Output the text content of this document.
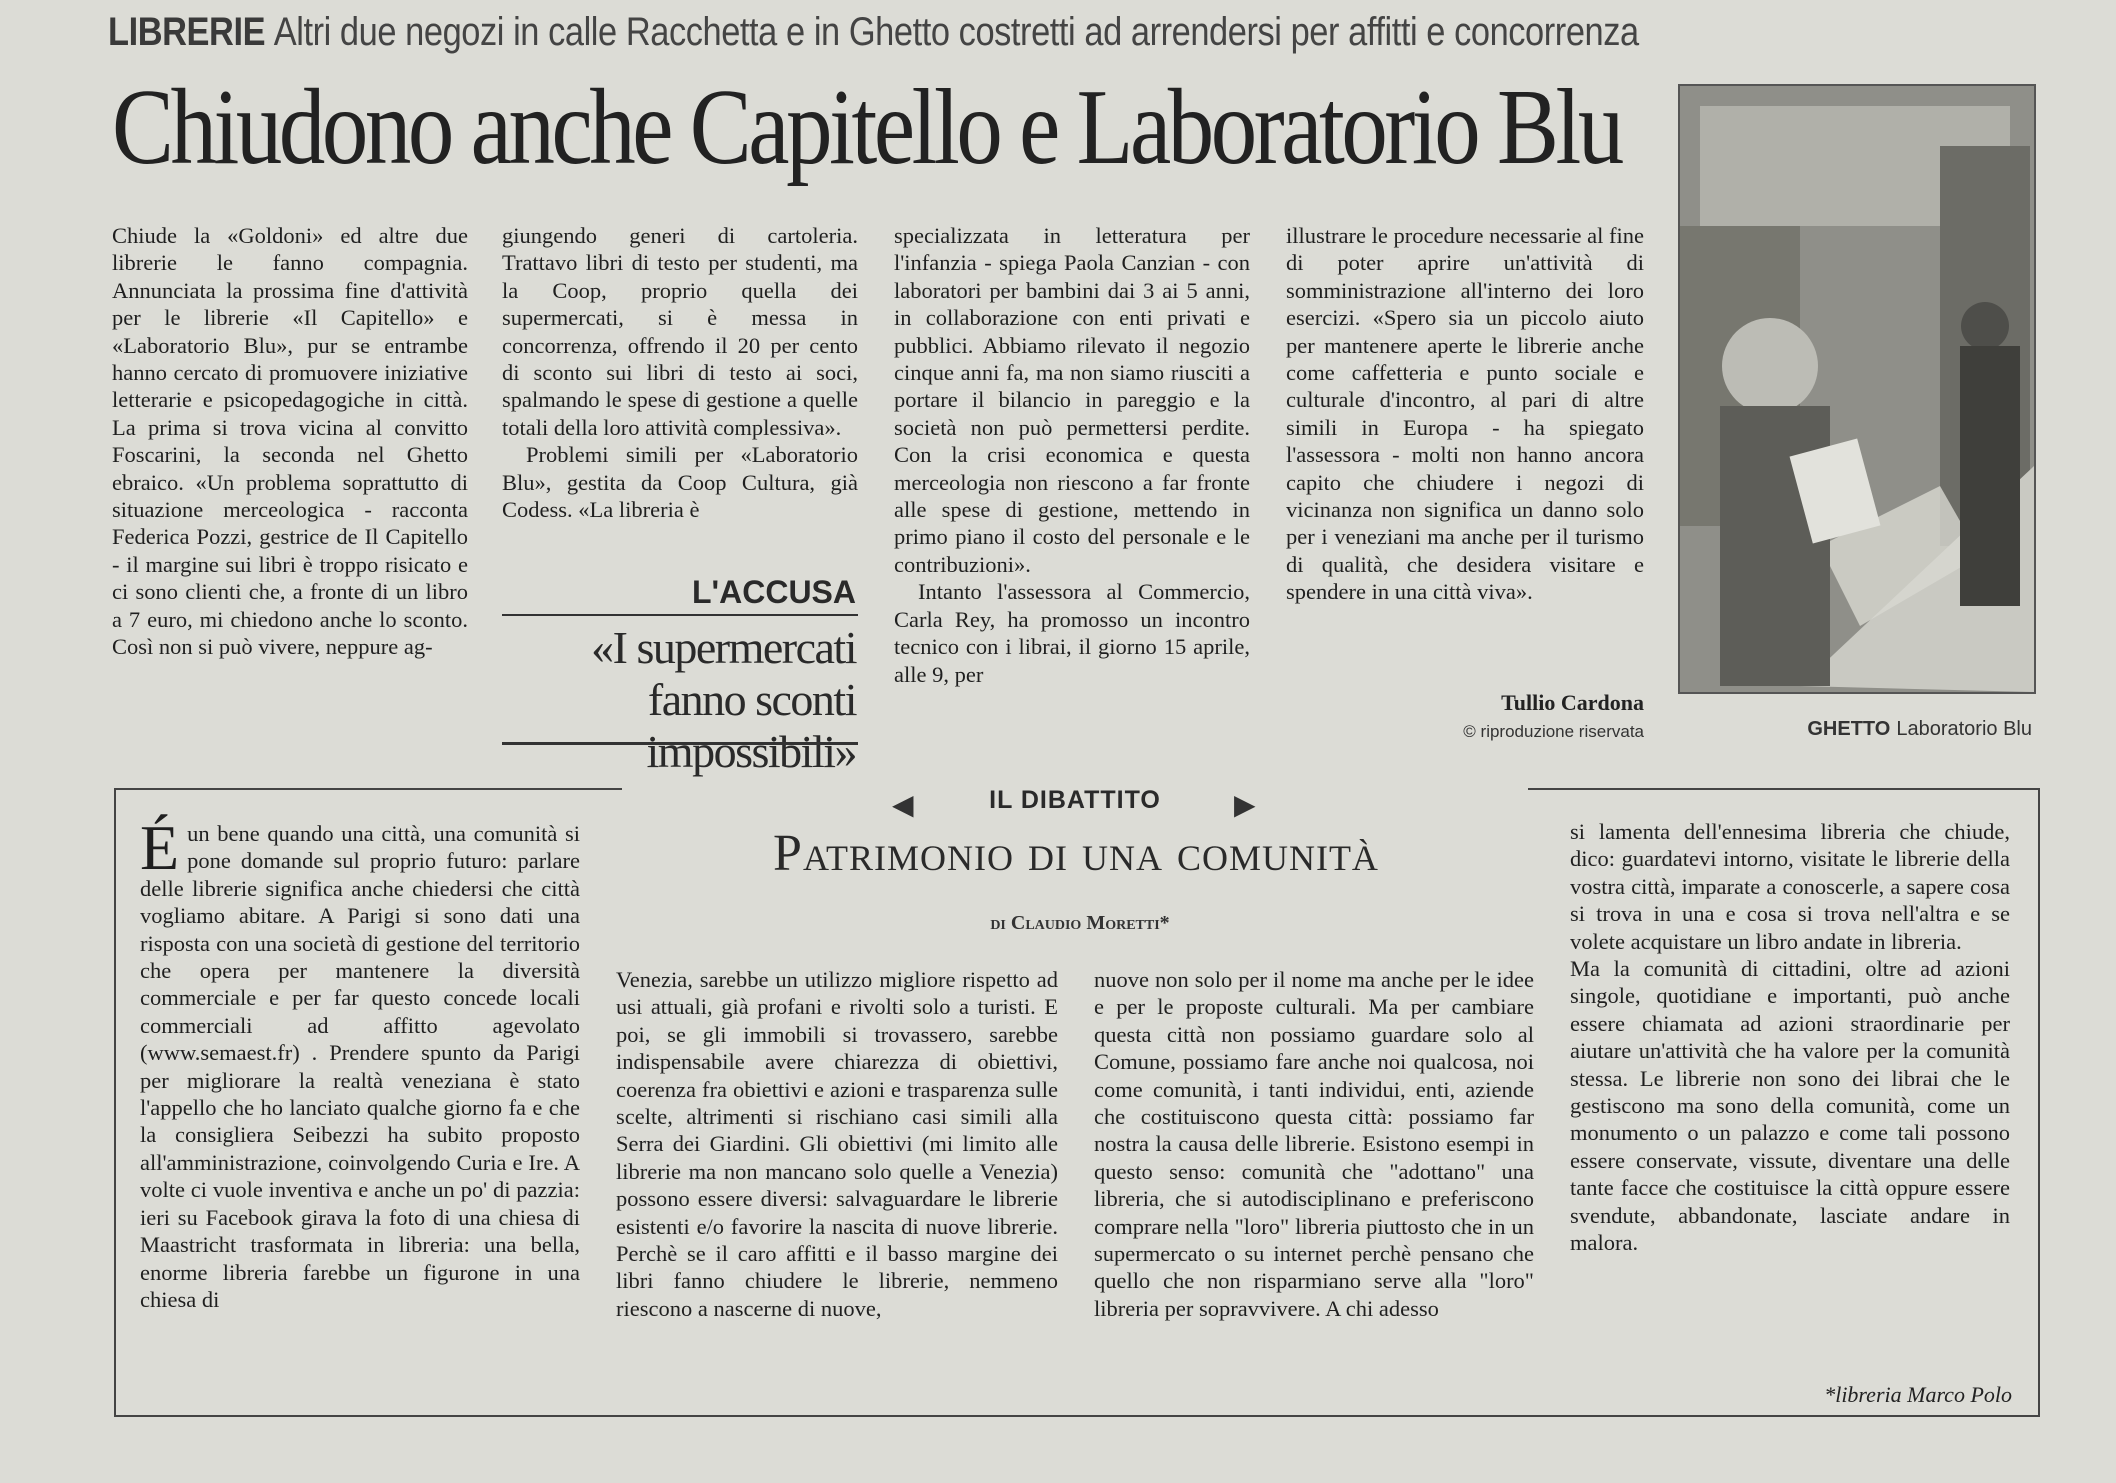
LIBRERIE Altri due negozi in calle Racchetta e in Ghetto costretti ad arrendersi per affitti e concorrenza
Chiudono anche Capitello e Laboratorio Blu

Chiude la «Goldoni» ed altre due librerie le fanno compagnia. Annunciata la prossima fine d'attività per le librerie «Il Capitello» e «Laboratorio Blu», pur se entrambe hanno cercato di promuovere iniziative letterarie e psicopedagogiche in città. La prima si trova vicina al convitto Foscarini, la seconda nel Ghetto ebraico. «Un problema soprattutto di situazione merceologica - racconta Federica Pozzi, gestrice de Il Capitello - il margine sui libri è troppo risicato e ci sono clienti che, a fronte di un libro a 7 euro, mi chiedono anche lo sconto. Così non si può vivere, neppure ag-

giungendo generi di cartoleria. Trattavo libri di testo per studenti, ma la Coop, proprio quella dei supermercati, si è messa in concorrenza, offrendo il 20 per cento di sconto sui libri di testo ai soci, spalmando le spese di gestione a quelle totali della loro attività complessiva».

Problemi simili per «Laboratorio Blu», gestita da Coop Cultura, già Codess. «La libreria è

L'ACCUSA
«I supermercati fanno sconti impossibili»

specializzata in letteratura per l'infanzia - spiega Paola Canzian - con laboratori per bambini dai 3 ai 5 anni, in collaborazione con enti privati e pubblici. Abbiamo rilevato il negozio cinque anni fa, ma non siamo riusciti a portare il bilancio in pareggio e la società non può permettersi perdite. Con la crisi economica e questa merceologia non riescono a far fronte alle spese di gestione, mettendo in primo piano il costo del personale e le contribuzioni».

Intanto l'assessora al Commercio, Carla Rey, ha promosso un incontro tecnico con i librai, il giorno 15 aprile, alle 9, per

illustrare le procedure necessarie al fine di poter aprire un'attività di somministrazione all'interno dei loro esercizi. «Spero sia un piccolo aiuto per mantenere aperte le librerie anche come caffetteria e punto sociale e culturale d'incontro, al pari di altre simili in Europa - ha spiegato l'assessora - molti non hanno ancora capito che chiudere i negozi di vicinanza non significa un danno solo per i veneziani ma anche per il turismo di qualità, che desidera visitare e spendere in una città viva».

Tullio Cardona
© riproduzione riservata	GHETTO Laboratorio Blu
◀	IL DIBATTITO	▶
Patrimonio di una comunità
di Claudio Moretti*
É un bene quando una città, una comunità si pone domande sul proprio futuro: parlare delle librerie significa anche chiedersi che città vogliamo abitare. A Parigi si sono dati una risposta con una società di gestione del territorio che opera per mantenere la diversità commerciale e per far questo concede locali commerciali ad affitto agevolato (www.semaest.fr) . Prendere spunto da Parigi per migliorare la realtà veneziana è stato l'appello che ho lanciato qualche giorno fa e che la consigliera Seibezzi ha subito proposto all'amministrazione, coinvolgendo Curia e Ire. A volte ci vuole inventiva e anche un po' di pazzia: ieri su Facebook girava la foto di una chiesa di Maastricht trasformata in libreria: una bella, enorme libreria farebbe un figurone in una chiesa di

Venezia, sarebbe un utilizzo migliore rispetto ad usi attuali, già profani e rivolti solo a turisti. E poi, se gli immobili si trovassero, sarebbe indispensabile avere chiarezza di obiettivi, coerenza fra obiettivi e azioni e trasparenza sulle scelte, altrimenti si rischiano casi simili alla Serra dei Giardini. Gli obiettivi (mi limito alle librerie ma non mancano solo quelle a Venezia) possono essere diversi: salvaguardare le librerie esistenti e/o favorire la nascita di nuove librerie. Perchè se il caro affitti e il basso margine dei libri fanno chiudere le librerie, nemmeno riescono a nascerne di nuove,

nuove non solo per il nome ma anche per le idee e per le proposte culturali. Ma per cambiare questa città non possiamo guardare solo al Comune, possiamo fare anche noi qualcosa, noi come comunità, i tanti individui, enti, aziende che costituiscono questa città: possiamo far nostra la causa delle librerie. Esistono esempi in questo senso: comunità che "adottano" una libreria, che si autodisciplinano e preferiscono comprare nella "loro" libreria piuttosto che in un supermercato o su internet perchè pensano che quello che non risparmiano serve alla "loro" libreria per sopravvivere. A chi adesso

si lamenta dell'ennesima libreria che chiude, dico: guardatevi intorno, visitate le librerie della vostra città, imparate a conoscerle, a sapere cosa si trova in una e cosa si trova nell'altra e se volete acquistare un libro andate in libreria.

Ma la comunità di cittadini, oltre ad azioni singole, quotidiane e importanti, può anche essere chiamata ad azioni straordinarie per aiutare un'attività che ha valore per la comunità stessa. Le librerie non sono dei librai che le gestiscono ma sono della comunità, come un monumento o un palazzo e come tali possono essere conservate, vissute, diventare una delle tante facce che costituisce la città oppure essere svendute, abbandonate, lasciate andare in malora.

*libreria Marco Polo
